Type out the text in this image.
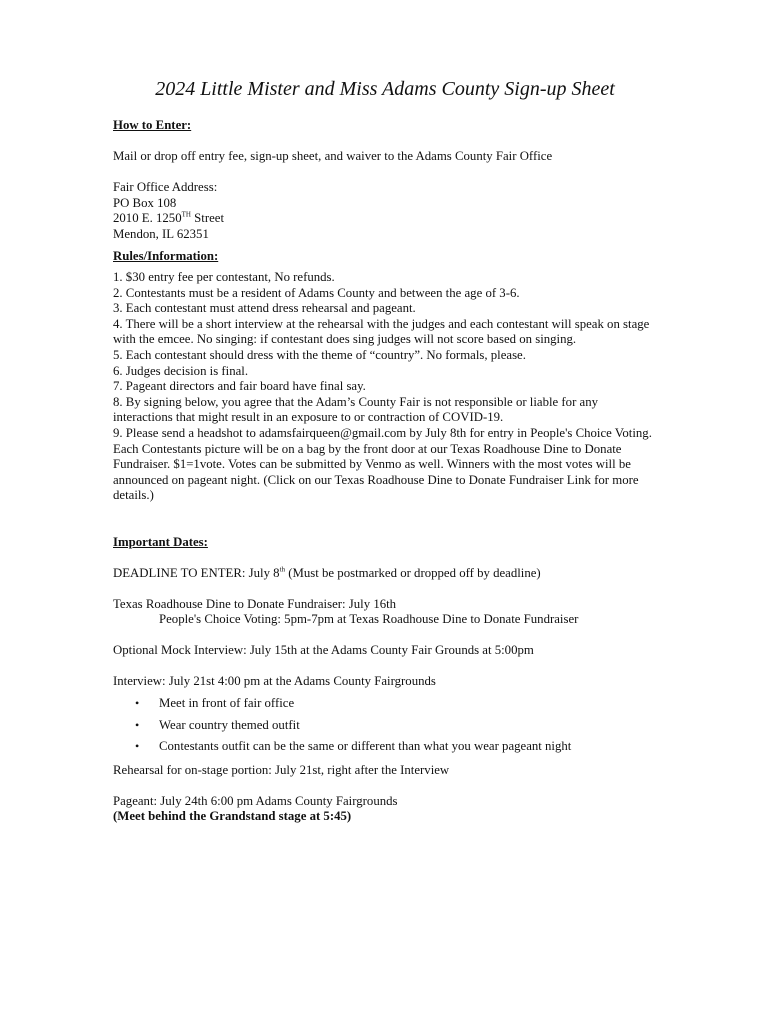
2024 Little Mister and Miss Adams County Sign-up Sheet
How to Enter:
Mail or drop off entry fee, sign-up sheet, and waiver to the Adams County Fair Office
Fair Office Address:
PO Box 108
2010 E. 1250TH Street
Mendon, IL 62351
Rules/Information:
1. $30 entry fee per contestant, No refunds.
2. Contestants must be a resident of Adams County and between the age of 3-6.
3. Each contestant must attend dress rehearsal and pageant.
4. There will be a short interview at the rehearsal with the judges and each contestant will speak on stage with the emcee. No singing: if contestant does sing judges will not score based on singing.
5. Each contestant should dress with the theme of “country”. No formals, please.
6. Judges decision is final.
7. Pageant directors and fair board have final say.
8. By signing below, you agree that the Adam’s County Fair is not responsible or liable for any interactions that might result in an exposure to or contraction of COVID-19.
9. Please send a headshot to adamsfairqueen@gmail.com by July 8th for entry in People's Choice Voting. Each Contestants picture will be on a bag by the front door at our Texas Roadhouse Dine to Donate Fundraiser. $1=1vote. Votes can be submitted by Venmo as well. Winners with the most votes will be announced on pageant night. (Click on our Texas Roadhouse Dine to Donate Fundraiser Link for more details.)
Important Dates:
DEADLINE TO ENTER: July 8th (Must be postmarked or dropped off by deadline)
Texas Roadhouse Dine to Donate Fundraiser: July 16th
People's Choice Voting: 5pm-7pm at Texas Roadhouse Dine to Donate Fundraiser
Optional Mock Interview: July 15th at the Adams County Fair Grounds at 5:00pm
Interview: July 21st 4:00 pm at the Adams County Fairgrounds
• Meet in front of fair office
• Wear country themed outfit
• Contestants outfit can be the same or different than what you wear pageant night
Rehearsal for on-stage portion: July 21st, right after the Interview
Pageant: July 24th 6:00 pm Adams County Fairgrounds
(Meet behind the Grandstand stage at 5:45)
